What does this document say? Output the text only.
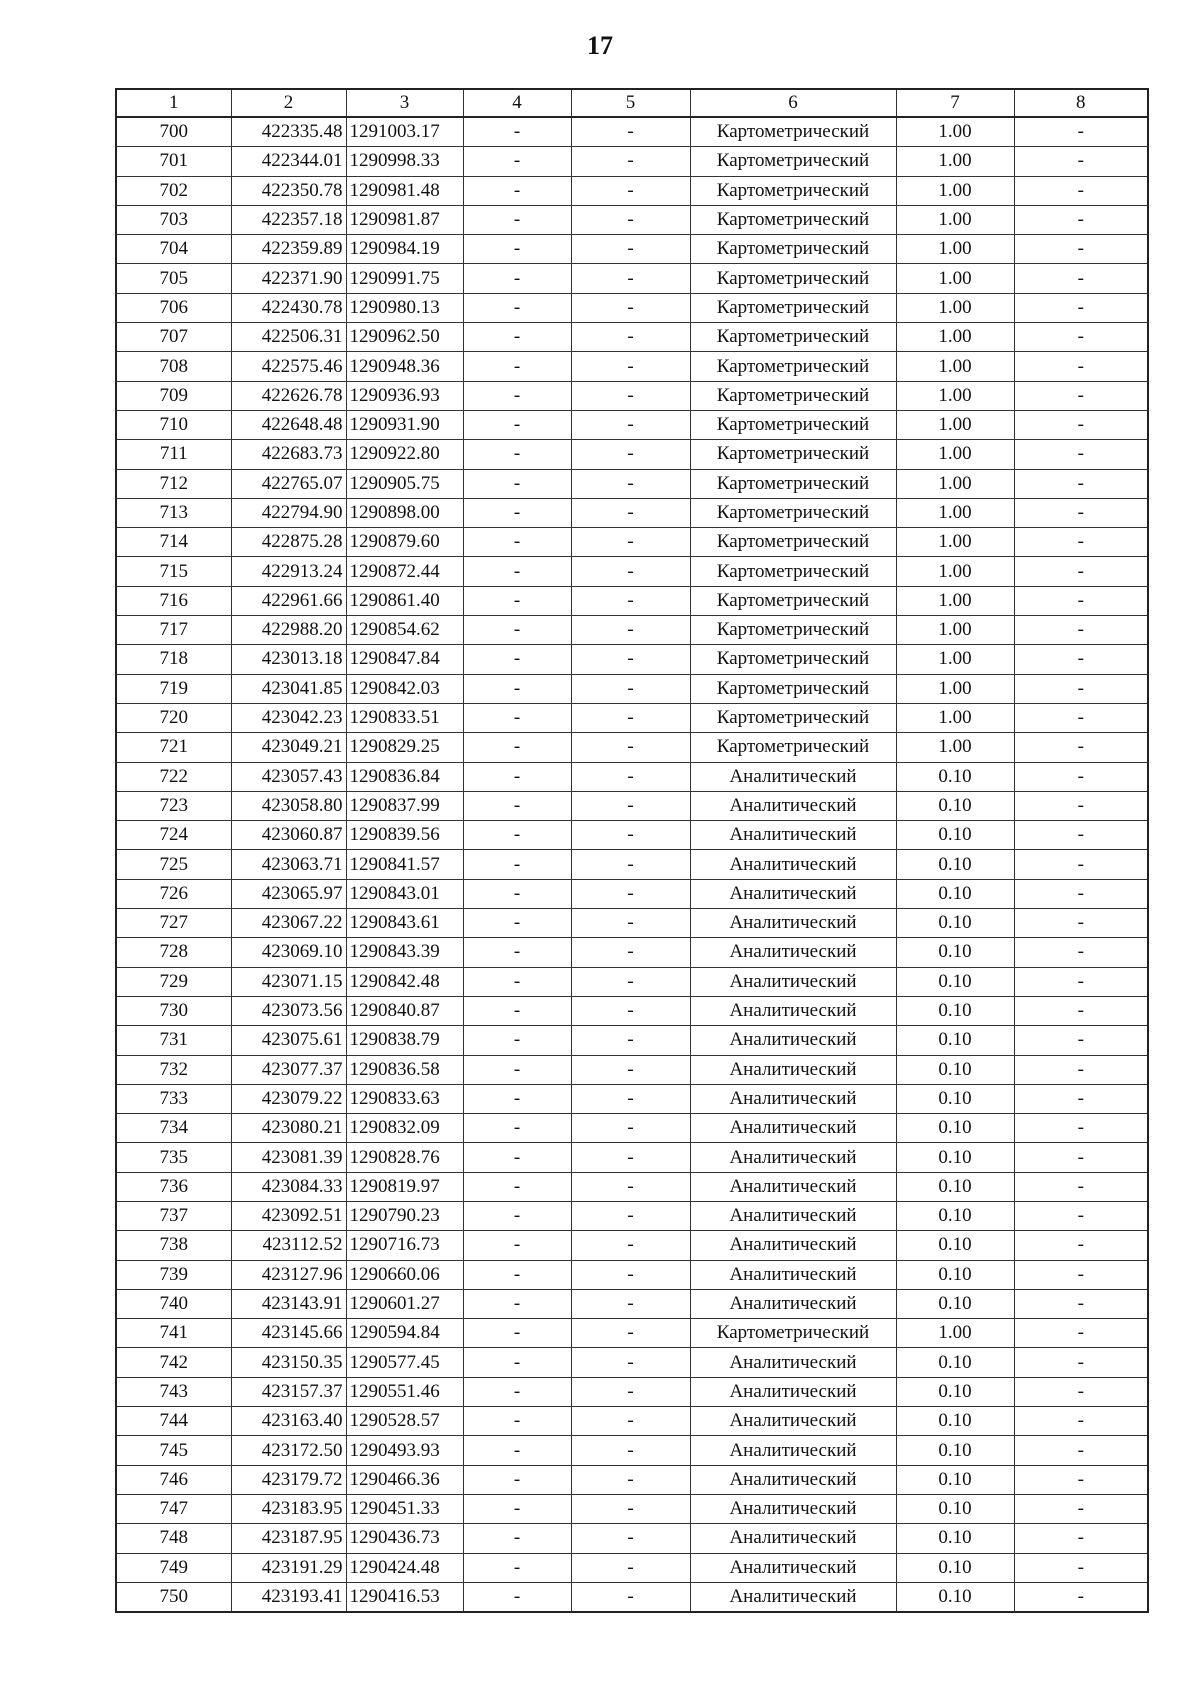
17
1	2	3	4	5	6	7	8
700	422335.48	1291003.17	-	-	Картометрический	1.00	-
701	422344.01	1290998.33	-	-	Картометрический	1.00	-
702	422350.78	1290981.48	-	-	Картометрический	1.00	-
703	422357.18	1290981.87	-	-	Картометрический	1.00	-
704	422359.89	1290984.19	-	-	Картометрический	1.00	-
705	422371.90	1290991.75	-	-	Картометрический	1.00	-
706	422430.78	1290980.13	-	-	Картометрический	1.00	-
707	422506.31	1290962.50	-	-	Картометрический	1.00	-
708	422575.46	1290948.36	-	-	Картометрический	1.00	-
709	422626.78	1290936.93	-	-	Картометрический	1.00	-
710	422648.48	1290931.90	-	-	Картометрический	1.00	-
711	422683.73	1290922.80	-	-	Картометрический	1.00	-
712	422765.07	1290905.75	-	-	Картометрический	1.00	-
713	422794.90	1290898.00	-	-	Картометрический	1.00	-
714	422875.28	1290879.60	-	-	Картометрический	1.00	-
715	422913.24	1290872.44	-	-	Картометрический	1.00	-
716	422961.66	1290861.40	-	-	Картометрический	1.00	-
717	422988.20	1290854.62	-	-	Картометрический	1.00	-
718	423013.18	1290847.84	-	-	Картометрический	1.00	-
719	423041.85	1290842.03	-	-	Картометрический	1.00	-
720	423042.23	1290833.51	-	-	Картометрический	1.00	-
721	423049.21	1290829.25	-	-	Картометрический	1.00	-
722	423057.43	1290836.84	-	-	Аналитический	0.10	-
723	423058.80	1290837.99	-	-	Аналитический	0.10	-
724	423060.87	1290839.56	-	-	Аналитический	0.10	-
725	423063.71	1290841.57	-	-	Аналитический	0.10	-
726	423065.97	1290843.01	-	-	Аналитический	0.10	-
727	423067.22	1290843.61	-	-	Аналитический	0.10	-
728	423069.10	1290843.39	-	-	Аналитический	0.10	-
729	423071.15	1290842.48	-	-	Аналитический	0.10	-
730	423073.56	1290840.87	-	-	Аналитический	0.10	-
731	423075.61	1290838.79	-	-	Аналитический	0.10	-
732	423077.37	1290836.58	-	-	Аналитический	0.10	-
733	423079.22	1290833.63	-	-	Аналитический	0.10	-
734	423080.21	1290832.09	-	-	Аналитический	0.10	-
735	423081.39	1290828.76	-	-	Аналитический	0.10	-
736	423084.33	1290819.97	-	-	Аналитический	0.10	-
737	423092.51	1290790.23	-	-	Аналитический	0.10	-
738	423112.52	1290716.73	-	-	Аналитический	0.10	-
739	423127.96	1290660.06	-	-	Аналитический	0.10	-
740	423143.91	1290601.27	-	-	Аналитический	0.10	-
741	423145.66	1290594.84	-	-	Картометрический	1.00	-
742	423150.35	1290577.45	-	-	Аналитический	0.10	-
743	423157.37	1290551.46	-	-	Аналитический	0.10	-
744	423163.40	1290528.57	-	-	Аналитический	0.10	-
745	423172.50	1290493.93	-	-	Аналитический	0.10	-
746	423179.72	1290466.36	-	-	Аналитический	0.10	-
747	423183.95	1290451.33	-	-	Аналитический	0.10	-
748	423187.95	1290436.73	-	-	Аналитический	0.10	-
749	423191.29	1290424.48	-	-	Аналитический	0.10	-
750	423193.41	1290416.53	-	-	Аналитический	0.10	-
